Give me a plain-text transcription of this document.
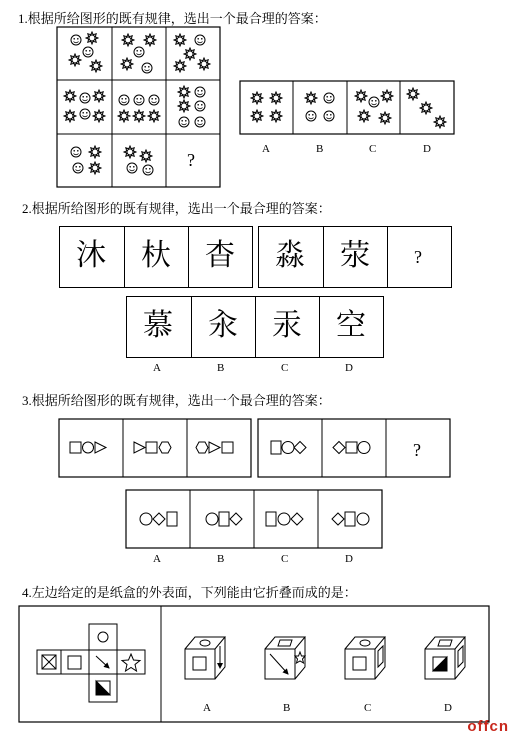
1.根据所给图形的既有规律，选出一个最合理的答案：
2.根据所给图形的既有规律，选出一个最合理的答案：
3.根据所给图形的既有规律，选出一个最合理的答案：
4.左边给定的是纸盒的外表面，下列能由它折叠而成的是：
?
A	B	C	D
沐 杕 杳 淼 荥 ?
慕 汆 汞 空
A	B	C	D
?
A	B	C	D
A	B	C	D
offcn
